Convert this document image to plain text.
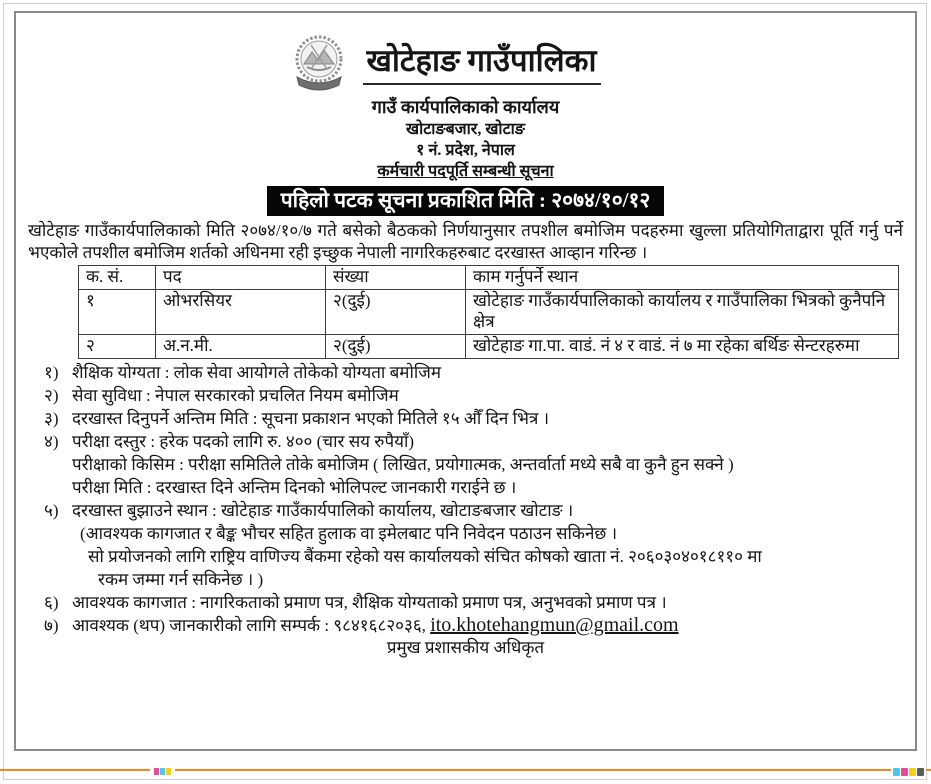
खोटेहाङ गाउँपालिका
गाउँ कार्यपालिकाको कार्यालय
खोटाङबजार, खोटाङ
१ नं. प्रदेश, नेपाल
कर्मचारी पदपूर्ति सम्बन्धी सूचना
पहिलो पटक सूचना प्रकाशित मिति : २०७४/१०/१२

खोटेहाङ गाउँकार्यपालिकाको मिति २०७४/१०/७ गते बसेको बैठकको निर्णयानुसार तपशील बमोजिम पदहरुमा खुल्ला प्रतियोगिताद्वारा पूर्ति गर्नु पर्ने भएकोले तपशील बमोजिम शर्तको अधिनमा रही इच्छुक नेपाली नागरिकहरुबाट दरखास्त आव्हान गरिन्छ ।

क. सं.	पद	संख्या	काम गर्नुपर्ने स्थान
१	ओभरसियर	२(दुई)	खोटेहाङ गाउँकार्यपालिकाको कार्यालय र गाउँपालिका भित्रको कुनैपनि क्षेत्र
२	अ.न.मी.	२(दुई)	खोटेहाङ गा.पा. वाडं. नं ४ र वाडं. नं ७ मा रहेका बर्थिङ सेन्टरहरुमा
१) शैक्षिक योग्यता : लोक सेवा आयोगले तोकेको योग्यता बमोजिम
२) सेवा सुविधा : नेपाल सरकारको प्रचलित नियम बमोजिम
३) दरखास्त दिनुपर्ने अन्तिम मिति : सूचना प्रकाशन भएको मितिले १५ औँ दिन भित्र ।
४) परीक्षा दस्तुर : हरेक पदको लागि रु. ४०० (चार सय रुपैयाँ)
परीक्षाको किसिम : परीक्षा समितिले तोके बमोजिम ( लिखित, प्रयोगात्मक, अन्तर्वार्ता मध्ये सबै वा कुनै हुन सक्ने )
परीक्षा मिति : दरखास्त दिने अन्तिम दिनको भोलिपल्ट जानकारी गराईने छ ।
५) दरखास्त बुझाउने स्थान : खोटेहाङ गाउँकार्यपालिको कार्यालय, खोटाङबजार खोटाङ ।
(आवश्यक कागजात र बैङ्क भौचर सहित हुलाक वा इमेलबाट पनि निवेदन पठाउन सकिनेछ ।
सो प्रयोजनको लागि राष्ट्रिय वाणिज्य बैंकमा रहेको यस कार्यालयको संचित कोषको खाता नं. २०६०३०४०१८११० मा
रकम जम्मा गर्न सकिनेछ । )
६) आवश्यक कागजात : नागरिकताको प्रमाण पत्र, शैक्षिक योग्यताको प्रमाण पत्र, अनुभवको प्रमाण पत्र ।
७) आवश्यक (थप) जानकारीको लागि सम्पर्क : ९८४१६८२०३६, ito.khotehangmun@gmail.com
प्रमुख प्रशासकीय अधिकृत
